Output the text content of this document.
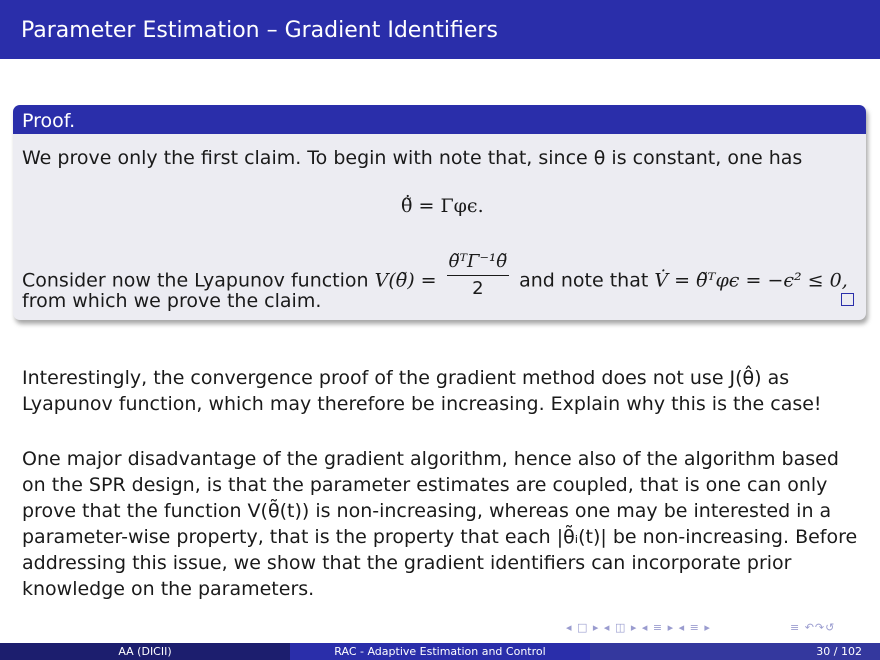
Parameter Estimation – Gradient Identifiers
Proof.
We prove only the first claim. To begin with note that, since θ is constant, one has
θ̃̇ = Γφϵ.
Consider now the Lyapunov function V(θ̃) = $\frac{\text{θ̃ᵀΓ⁻¹θ̃}}{2}$ and note that V̇ = θ̃ᵀφϵ = −ϵ² ≤ 0,
from which we prove the claim.
Interestingly, the convergence proof of the gradient method does not use J(θ̂) as Lyapunov function, which may therefore be increasing. Explain why this is the case!
One major disadvantage of the gradient algorithm, hence also of the algorithm based on the SPR design, is that the parameter estimates are coupled, that is one can only prove that the function V(θ̃(t)) is non-increasing, whereas one may be interested in a parameter-wise property, that is the property that each |θ̃ᵢ(t)| be non-increasing. Before addressing this issue, we show that the gradient identifiers can incorporate prior knowledge on the parameters.
◂ □ ▸ ◂ ◫ ▸ ◂ ≡ ▸ ◂ ≡ ▸	≡ ↶↷↺
AA (DICII)	RAC - Adaptive Estimation and Control	30 / 102
